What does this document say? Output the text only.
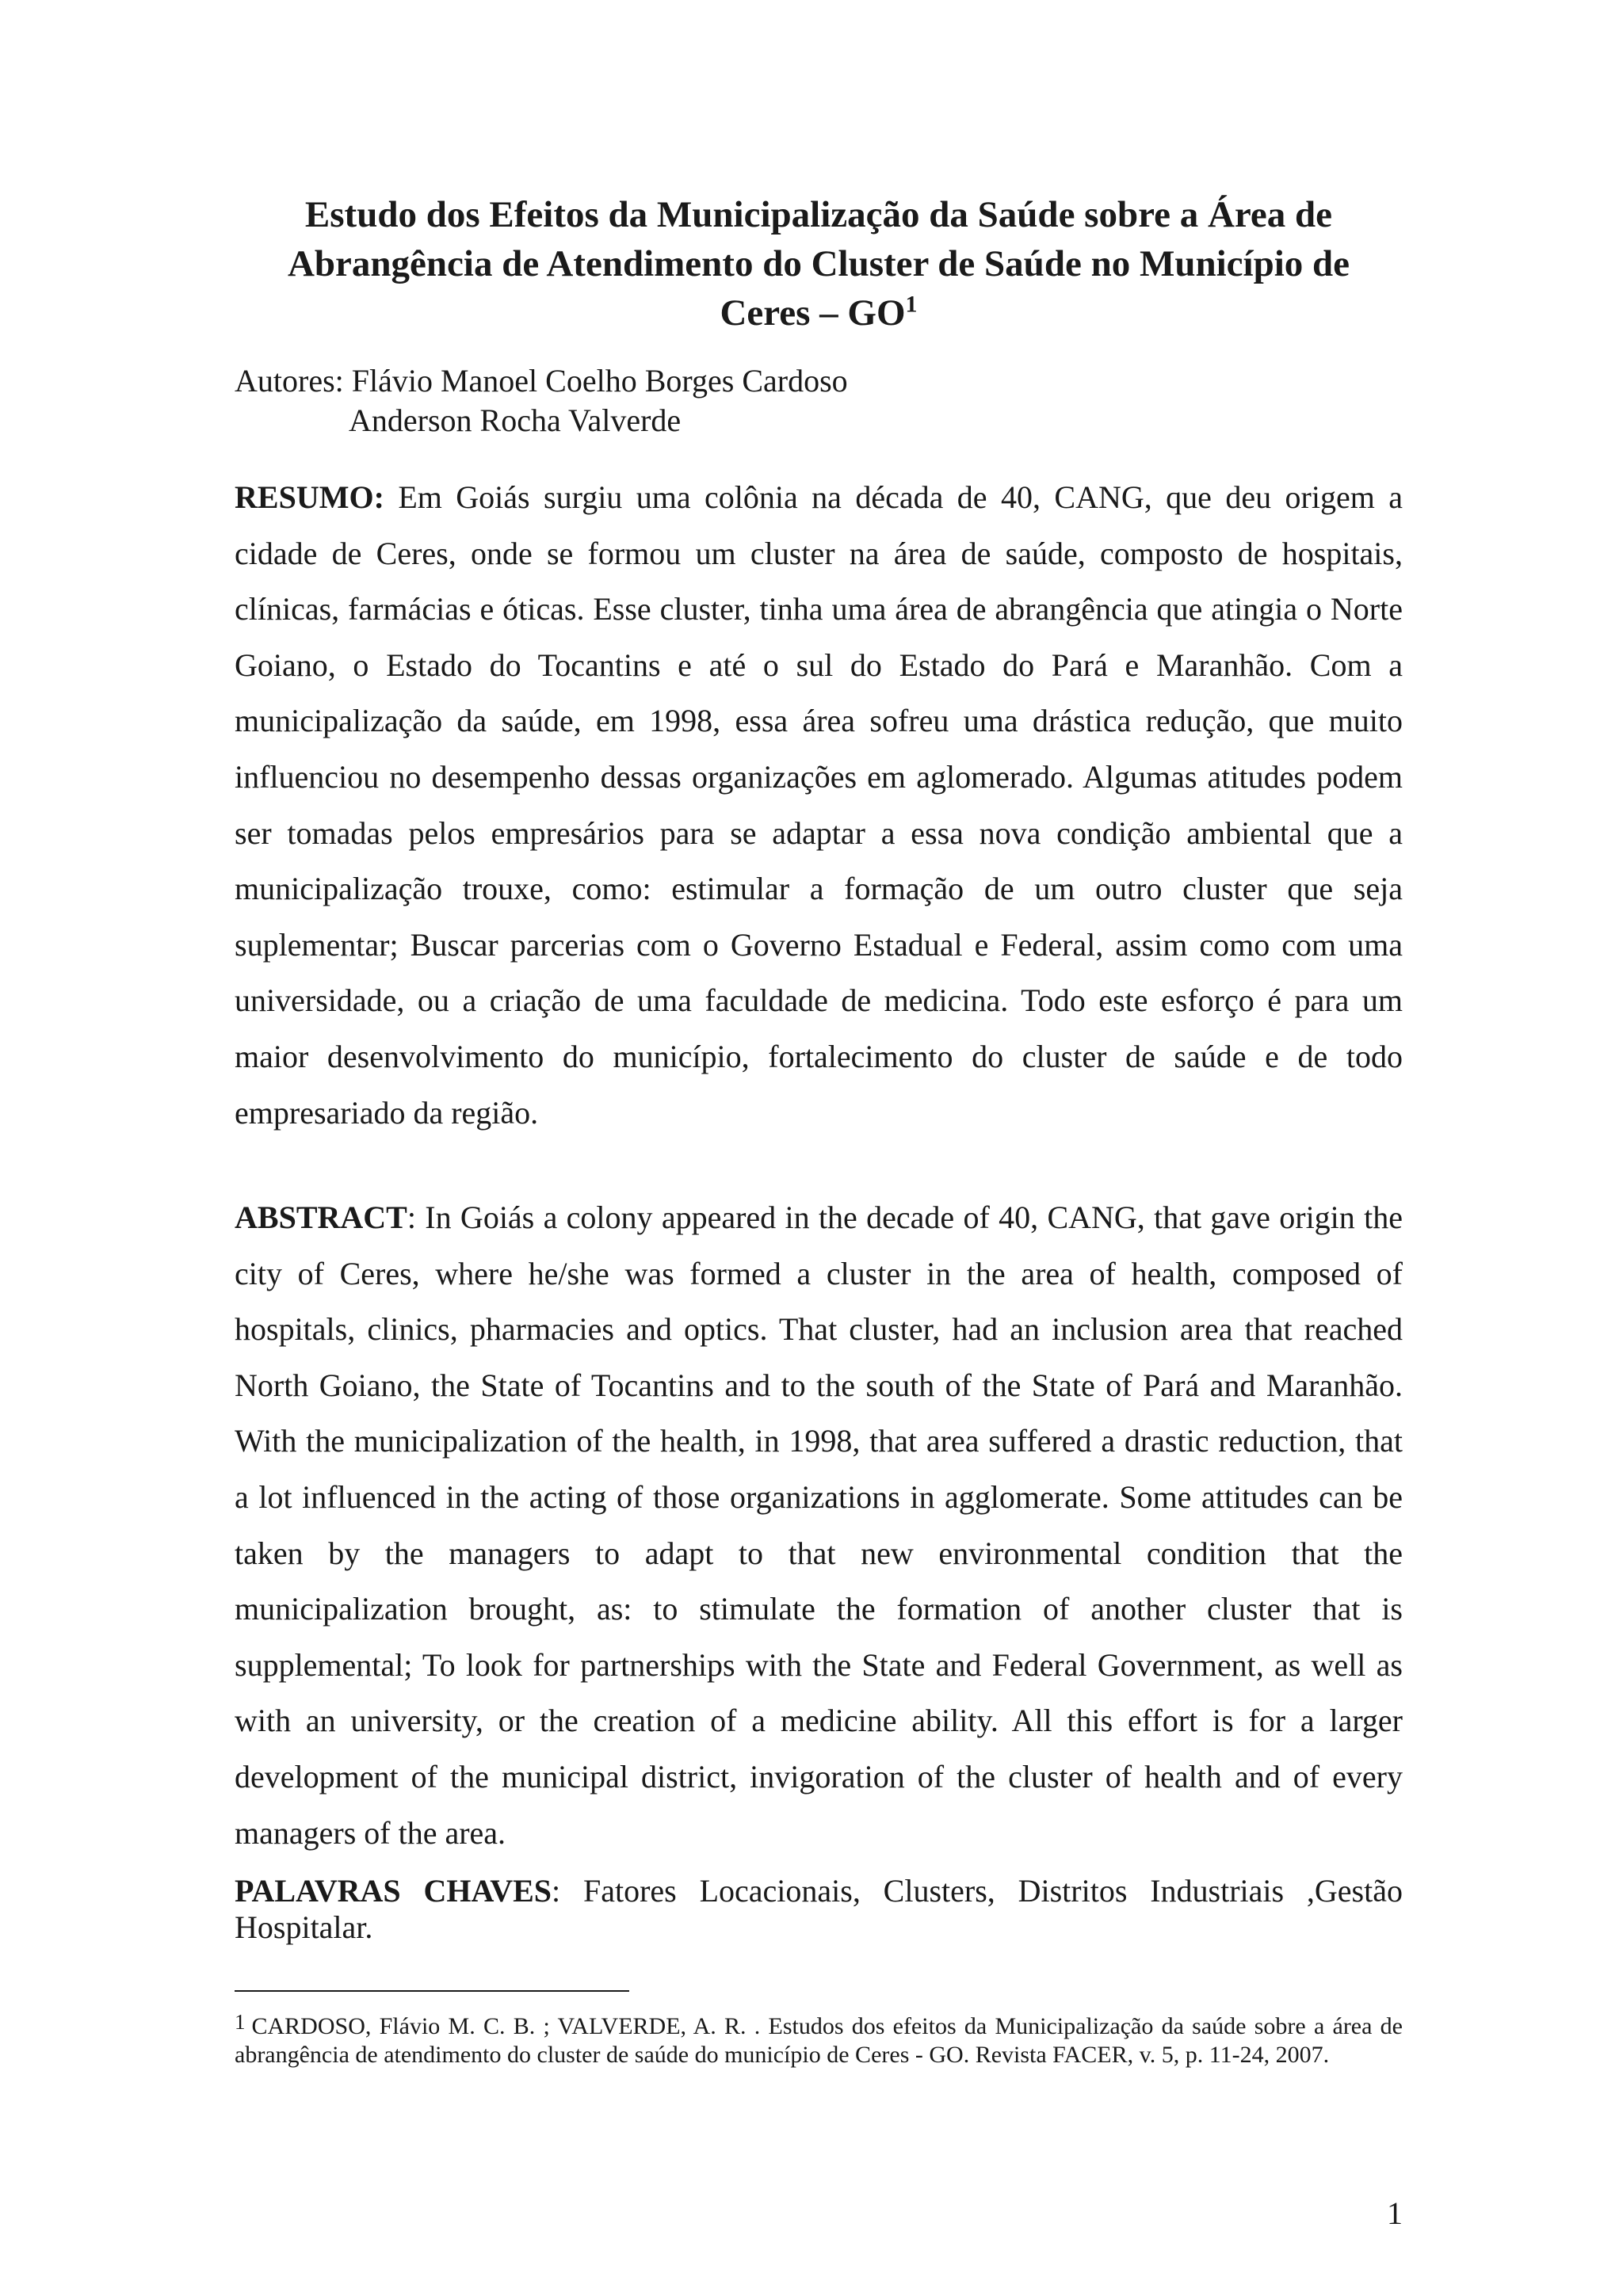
Estudo dos Efeitos da Municipalização da Saúde sobre a Área de
Abrangência de Atendimento do Cluster de Saúde no Município de
Ceres – $GO^1$
Autores: Flávio Manoel Coelho Borges Cardoso
Anderson Rocha Valverde
RESUMO: Em Goiás surgiu uma colônia na década de 40, CANG, que deu origem a cidade de Ceres, onde se formou um cluster na área de saúde, composto de hospitais, clínicas, farmácias e óticas. Esse cluster, tinha uma área de abrangência que atingia o Norte Goiano, o Estado do Tocantins e até o sul do Estado do Pará e Maranhão. Com a municipalização da saúde, em 1998, essa área sofreu uma drástica redução, que muito influenciou no desempenho dessas organizações em aglomerado. Algumas atitudes podem ser tomadas pelos empresários para se adaptar a essa nova condição ambiental que a municipalização trouxe, como: estimular a formação de um outro cluster que seja suplementar; Buscar parcerias com o Governo Estadual e Federal, assim como com uma universidade, ou a criação de uma faculdade de medicina. Todo este esforço é para um maior desenvolvimento do município, fortalecimento do cluster de saúde e de todo empresariado da região.
ABSTRACT: In Goiás a colony appeared in the decade of 40, CANG, that gave origin the city of Ceres, where he/she was formed a cluster in the area of health, composed of hospitals, clinics, pharmacies and optics. That cluster, had an inclusion area that reached North Goiano, the State of Tocantins and to the south of the State of Pará and Maranhão. With the municipalization of the health, in 1998, that area suffered a drastic reduction, that a lot influenced in the acting of those organizations in agglomerate. Some attitudes can be taken by the managers to adapt to that new environmental condition that the municipalization brought, as: to stimulate the formation of another cluster that is supplemental; To look for partnerships with the State and Federal Government, as well as with an university, or the creation of a medicine ability. All this effort is for a larger development of the municipal district, invigoration of the cluster of health and of every managers of the area.
PALAVRAS CHAVES: Fatores Locacionais, Clusters, Distritos Industriais ,Gestão Hospitalar.
$^1$ CARDOSO, Flávio M. C. B. ; VALVERDE, A. R. . Estudos dos efeitos da Municipalização da saúde sobre a área de abrangência de atendimento do cluster de saúde do município de Ceres - GO. Revista FACER, v. 5, p. 11-24, 2007.
1
